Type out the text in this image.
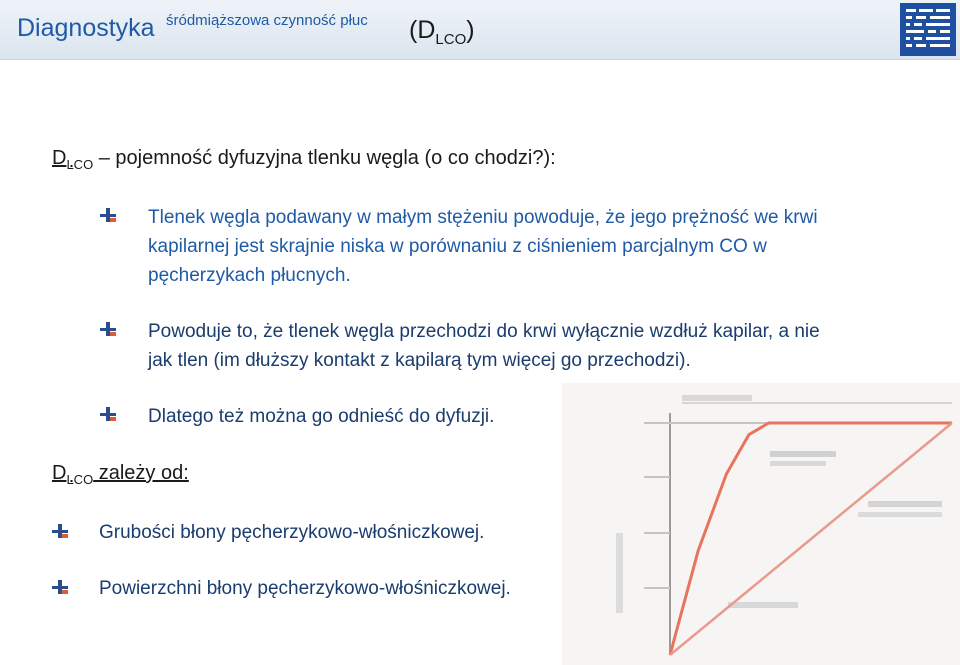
Diagnostyka śródmiąższowa czynność płuc $(D_{LCO})$
$D_{LCO}$ – pojemność dyfuzyjna tlenku węgla (o co chodzi?):
Tlenek węgla podawany w małym stężeniu powoduje, że jego prężność we krwi
kapilarnej jest skrajnie niska w porównaniu z ciśnieniem parcjalnym CO w
pęcherzykach płucnych.
Powoduje to, że tlenek węgla przechodzi do krwi wyłącznie wzdłuż kapilar, a nie
jak tlen (im dłuższy kontakt z kapilarą tym więcej go przechodzi).
Dlatego też można go odnieść do dyfuzji.
$D_{LCO}$ zależy od:
Grubości błony pęcherzykowo-włośniczkowej.
Powierzchni błony pęcherzykowo-włośniczkowej.
